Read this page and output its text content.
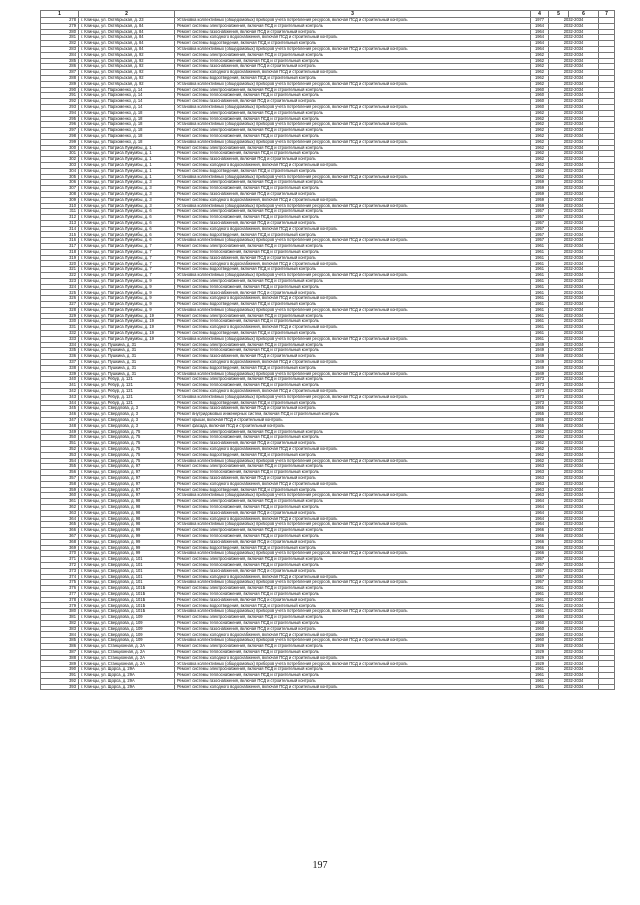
1	2	3	4	5	6	7
278	г. Клинцы, ул. Октябрьская, д. 23	Установка коллективных (общедомовых) приборов учета потребления ресурсов, включая ПСД и строительный контроль	1977	2032-2034		
279	г. Клинцы, ул. Октябрьская, д. 84	Ремонт системы электроснабжения, включая ПСД и строительный контроль	1964	2032-2034		
280	г. Клинцы, ул. Октябрьская, д. 84	Ремонт системы газоснабжения, включая ПСД и строительный контроль	1964	2032-2034		
281	г. Клинцы, ул. Октябрьская, д. 84	Ремонт системы холодного водоснабжения, включая ПСД и строительный контроль	1964	2032-2034		
282	г. Клинцы, ул. Октябрьская, д. 84	Ремонт системы водоотведения, включая ПСД и строительный контроль	1964	2032-2034		
283	г. Клинцы, ул. Октябрьская, д. 84	Установка коллективных (общедомовых) приборов учета потребления ресурсов, включая ПСД и строительный контроль	1964	2032-2034		
284	г. Клинцы, ул. Октябрьская, д. 92	Ремонт системы электроснабжения, включая ПСД и строительный контроль	1962	2032-2034		
285	г. Клинцы, ул. Октябрьская, д. 92	Ремонт системы теплоснабжения, включая ПСД и строительный контроль	1962	2032-2034		
286	г. Клинцы, ул. Октябрьская, д. 92	Ремонт системы газоснабжения, включая ПСД и строительный контроль	1962	2032-2034		
287	г. Клинцы, ул. Октябрьская, д. 92	Ремонт системы холодного водоснабжения, включая ПСД и строительный контроль	1962	2032-2034		
288	г. Клинцы, ул. Октябрьская, д. 92	Ремонт системы водоотведения, включая ПСД и строительный контроль	1962	2032-2034		
289	г. Клинцы, ул. Октябрьская, д. 92	Установка коллективных (общедомовых) приборов учета потребления ресурсов, включая ПСД и строительный контроль	1962	2032-2034		
290	г. Клинцы, ул. Пархоменко, д. 14	Ремонт системы электроснабжения, включая ПСД и строительный контроль	1960	2032-2034		
291	г. Клинцы, ул. Пархоменко, д. 14	Ремонт системы теплоснабжения, включая ПСД и строительный контроль	1960	2032-2034		
292	г. Клинцы, ул. Пархоменко, д. 14	Ремонт системы газоснабжения, включая ПСД и строительный контроль	1960	2032-2034		
293	г. Клинцы, ул. Пархоменко, д. 14	Установка коллективных (общедомовых) приборов учета потребления ресурсов, включая ПСД и строительный контроль	1960	2032-2034		
294	г. Клинцы, ул. Пархоменко, д. 18	Ремонт системы электроснабжения, включая ПСД и строительный контроль	1962	2032-2034		
295	г. Клинцы, ул. Пархоменко, д. 18	Ремонт системы теплоснабжения, включая ПСД и строительный контроль	1962	2032-2034		
296	г. Клинцы, ул. Пархоменко, д. 18	Установка коллективных (общедомовых) приборов учета потребления ресурсов, включая ПСД и строительный контроль	1962	2032-2034		
297	г. Клинцы, ул. Пархоменко, д. 18	Ремонт системы электроснабжения, включая ПСД и строительный контроль	1962	2032-2034		
298	г. Клинцы, ул. Пархоменко, д. 18	Ремонт системы теплоснабжения, включая ПСД и строительный контроль	1962	2032-2034		
299	г. Клинцы, ул. Пархоменко, д. 18	Установка коллективных (общедомовых) приборов учета потребления ресурсов, включая ПСД и строительный контроль	1962	2032-2034		
300	г. Клинцы, ул. Патриса Лумумбы, д. 1	Ремонт системы электроснабжения, включая ПСД и строительный контроль	1962	2032-2034		
301	г. Клинцы, ул. Патриса Лумумбы, д. 1	Ремонт системы теплоснабжения, включая ПСД и строительный контроль	1962	2032-2034		
302	г. Клинцы, ул. Патриса Лумумбы, д. 1	Ремонт системы газоснабжения, включая ПСД и строительный контроль	1962	2032-2034		
303	г. Клинцы, ул. Патриса Лумумбы, д. 1	Ремонт системы холодного водоснабжения, включая ПСД и строительный контроль	1962	2032-2034		
304	г. Клинцы, ул. Патриса Лумумбы, д. 1	Ремонт системы водоотведения, включая ПСД и строительный контроль	1962	2032-2034		
305	г. Клинцы, ул. Патриса Лумумбы, д. 1	Установка коллективных (общедомовых) приборов учета потребления ресурсов, включая ПСД и строительный контроль	1962	2032-2034		
306	г. Клинцы, ул. Патриса Лумумбы, д. 3	Ремонт системы электроснабжения, включая ПСД и строительный контроль	1959	2032-2034		
307	г. Клинцы, ул. Патриса Лумумбы, д. 3	Ремонт системы теплоснабжения, включая ПСД и строительный контроль	1959	2032-2034		
308	г. Клинцы, ул. Патриса Лумумбы, д. 3	Ремонт системы газоснабжения, включая ПСД и строительный контроль	1959	2032-2034		
309	г. Клинцы, ул. Патриса Лумумбы, д. 3	Ремонт системы холодного водоснабжения, включая ПСД и строительный контроль	1959	2032-2034		
310	г. Клинцы, ул. Патриса Лумумбы, д. 3	Установка коллективных (общедомовых) приборов учета потребления ресурсов, включая ПСД и строительный контроль	1959	2032-2034		
311	г. Клинцы, ул. Патриса Лумумбы, д. 6	Ремонт системы электроснабжения, включая ПСД и строительный контроль	1957	2032-2034		
312	г. Клинцы, ул. Патриса Лумумбы, д. 6	Ремонт системы теплоснабжения, включая ПСД и строительный контроль	1957	2032-2034		
313	г. Клинцы, ул. Патриса Лумумбы, д. 6	Ремонт системы газоснабжения, включая ПСД и строительный контроль	1957	2032-2034		
314	г. Клинцы, ул. Патриса Лумумбы, д. 6	Ремонт системы холодного водоснабжения, включая ПСД и строительный контроль	1957	2032-2034		
315	г. Клинцы, ул. Патриса Лумумбы, д. 6	Ремонт системы водоотведения, включая ПСД и строительный контроль	1957	2032-2034		
316	г. Клинцы, ул. Патриса Лумумбы, д. 6	Установка коллективных (общедомовых) приборов учета потребления ресурсов, включая ПСД и строительный контроль	1957	2032-2034		
317	г. Клинцы, ул. Патриса Лумумбы, д. 7	Ремонт системы электроснабжения, включая ПСД и строительный контроль	1961	2032-2034		
318	г. Клинцы, ул. Патриса Лумумбы, д. 7	Ремонт системы теплоснабжения, включая ПСД и строительный контроль	1961	2032-2034		
319	г. Клинцы, ул. Патриса Лумумбы, д. 7	Ремонт системы газоснабжения, включая ПСД и строительный контроль	1961	2032-2034		
320	г. Клинцы, ул. Патриса Лумумбы, д. 7	Ремонт системы холодного водоснабжения, включая ПСД и строительный контроль	1961	2032-2034		
321	г. Клинцы, ул. Патриса Лумумбы, д. 7	Ремонт системы водоотведения, включая ПСД и строительный контроль	1961	2032-2034		
322	г. Клинцы, ул. Патриса Лумумбы, д. 7	Установка коллективных (общедомовых) приборов учета потребления ресурсов, включая ПСД и строительный контроль	1961	2032-2034		
323	г. Клинцы, ул. Патриса Лумумбы, д. 9	Ремонт системы электроснабжения, включая ПСД и строительный контроль	1961	2032-2034		
324	г. Клинцы, ул. Патриса Лумумбы, д. 9	Ремонт системы теплоснабжения, включая ПСД и строительный контроль	1961	2032-2034		
325	г. Клинцы, ул. Патриса Лумумбы, д. 9	Ремонт системы газоснабжения, включая ПСД и строительный контроль	1961	2032-2034		
326	г. Клинцы, ул. Патриса Лумумбы, д. 9	Ремонт системы холодного водоснабжения, включая ПСД и строительный контроль	1961	2032-2034		
327	г. Клинцы, ул. Патриса Лумумбы, д. 9	Ремонт системы водоотведения, включая ПСД и строительный контроль	1961	2032-2034		
328	г. Клинцы, ул. Патриса Лумумбы, д. 9	Установка коллективных (общедомовых) приборов учета потребления ресурсов, включая ПСД и строительный контроль	1961	2032-2034		
329	г. Клинцы, ул. Патриса Лумумбы, д. 19	Ремонт системы электроснабжения, включая ПСД и строительный контроль	1961	2032-2034		
330	г. Клинцы, ул. Патриса Лумумбы, д. 19	Ремонт системы теплоснабжения, включая ПСД и строительный контроль	1961	2032-2034		
331	г. Клинцы, ул. Патриса Лумумбы, д. 19	Ремонт системы холодного водоснабжения, включая ПСД и строительный контроль	1961	2032-2034		
332	г. Клинцы, ул. Патриса Лумумбы, д. 19	Ремонт системы водоотведения, включая ПСД и строительный контроль	1961	2032-2034		
333	г. Клинцы, ул. Патриса Лумумбы, д. 19	Установка коллективных (общедомовых) приборов учета потребления ресурсов, включая ПСД и строительный контроль	1961	2032-2034		
334	г. Клинцы, ул. Пушкина, д. 31	Ремонт системы электроснабжения, включая ПСД и строительный контроль	1949	2032-2034		
335	г. Клинцы, ул. Пушкина, д. 31	Ремонт системы теплоснабжения, включая ПСД и строительный контроль	1949	2032-2034		
336	г. Клинцы, ул. Пушкина, д. 31	Ремонт системы газоснабжения, включая ПСД и строительный контроль	1949	2032-2034		
337	г. Клинцы, ул. Пушкина, д. 31	Ремонт системы холодного водоснабжения, включая ПСД и строительный контроль	1949	2032-2034		
338	г. Клинцы, ул. Пушкина, д. 31	Ремонт системы водоотведения, включая ПСД и строительный контроль	1949	2032-2034		
339	г. Клинцы, ул. Пушкина, д. 31	Установка коллективных (общедомовых) приборов учета потребления ресурсов, включая ПСД и строительный контроль	1949	2032-2034		
340	г. Клинцы, ул. Ребур, д. 121	Ремонт системы электроснабжения, включая ПСД и строительный контроль	1973	2032-2034		
341	г. Клинцы, ул. Ребур, д. 121	Ремонт системы теплоснабжения, включая ПСД и строительный контроль	1973	2032-2034		
342	г. Клинцы, ул. Ребур, д. 121	Ремонт системы холодного водоснабжения, включая ПСД и строительный контроль	1973	2032-2034		
343	г. Клинцы, ул. Ребур, д. 121	Установка коллективных (общедомовых) приборов учета потребления ресурсов, включая ПСД и строительный контроль	1973	2032-2034		
344	г. Клинцы, ул. Ребур, д. 121	Ремонт системы водоотведения, включая ПСД и строительный контроль	1973	2032-2034		
345	г. Клинцы, ул. Свердлова, д. 3	Ремонт системы газоснабжения, включая ПСД и строительный контроль	1955	2032-2034		
346	г. Клинцы, ул. Свердлова, д. 3	Ремонт внутридомовых инженерных систем, включая ПСД и строительный контроль	1955	2032-2034		
347	г. Клинцы, ул. Свердлова, д. 3	Ремонт крыши, включая ПСД и строительный контроль	1955	2032-2034		
348	г. Клинцы, ул. Свердлова, д. 3	Ремонт фасада, включая ПСД и строительный контроль	1955	2032-2034		
349	г. Клинцы, ул. Свердлова, д. 75	Ремонт системы электроснабжения, включая ПСД и строительный контроль	1962	2032-2034		
350	г. Клинцы, ул. Свердлова, д. 75	Ремонт системы теплоснабжения, включая ПСД и строительный контроль	1962	2032-2034		
351	г. Клинцы, ул. Свердлова, д. 75	Ремонт системы газоснабжения, включая ПСД и строительный контроль	1962	2032-2034		
352	г. Клинцы, ул. Свердлова, д. 75	Ремонт системы холодного водоснабжения, включая ПСД и строительный контроль	1962	2032-2034		
353	г. Клинцы, ул. Свердлова, д. 75	Ремонт системы водоотведения, включая ПСД и строительный контроль	1962	2032-2034		
354	г. Клинцы, ул. Свердлова, д. 75	Установка коллективных (общедомовых) приборов учета потребления ресурсов, включая ПСД и строительный контроль	1962	2032-2034		
355	г. Клинцы, ул. Свердлова, д. 97	Ремонт системы электроснабжения, включая ПСД и строительный контроль	1963	2032-2034		
356	г. Клинцы, ул. Свердлова, д. 97	Ремонт системы теплоснабжения, включая ПСД и строительный контроль	1963	2032-2034		
357	г. Клинцы, ул. Свердлова, д. 97	Ремонт системы газоснабжения, включая ПСД и строительный контроль	1963	2032-2034		
358	г. Клинцы, ул. Свердлова, д. 97	Ремонт системы холодного водоснабжения, включая ПСД и строительный контроль	1963	2032-2034		
359	г. Клинцы, ул. Свердлова, д. 97	Ремонт системы водоотведения, включая ПСД и строительный контроль	1963	2032-2034		
360	г. Клинцы, ул. Свердлова, д. 97	Установка коллективных (общедомовых) приборов учета потребления ресурсов, включая ПСД и строительный контроль	1963	2032-2034		
361	г. Клинцы, ул. Свердлова, д. 98	Ремонт системы электроснабжения, включая ПСД и строительный контроль	1964	2032-2034		
362	г. Клинцы, ул. Свердлова, д. 98	Ремонт системы теплоснабжения, включая ПСД и строительный контроль	1964	2032-2034		
363	г. Клинцы, ул. Свердлова, д. 98	Ремонт системы газоснабжения, включая ПСД и строительный контроль	1964	2032-2034		
364	г. Клинцы, ул. Свердлова, д. 98	Ремонт системы холодного водоснабжения, включая ПСД и строительный контроль	1964	2032-2034		
365	г. Клинцы, ул. Свердлова, д. 98	Установка коллективных (общедомовых) приборов учета потребления ресурсов, включая ПСД и строительный контроль	1964	2032-2034		
366	г. Клинцы, ул. Свердлова, д. 99	Ремонт системы электроснабжения, включая ПСД и строительный контроль	1966	2032-2034		
367	г. Клинцы, ул. Свердлова, д. 99	Ремонт системы теплоснабжения, включая ПСД и строительный контроль	1966	2032-2034		
368	г. Клинцы, ул. Свердлова, д. 99	Ремонт системы газоснабжения, включая ПСД и строительный контроль	1966	2032-2034		
369	г. Клинцы, ул. Свердлова, д. 99	Ремонт системы водоотведения, включая ПСД и строительный контроль	1966	2032-2034		
370	г. Клинцы, ул. Свердлова, д. 99	Установка коллективных (общедомовых) приборов учета потребления ресурсов, включая ПСД и строительный контроль	1966	2032-2034		
371	г. Клинцы, ул. Свердлова, д. 101	Ремонт системы электроснабжения, включая ПСД и строительный контроль	1957	2032-2034		
372	г. Клинцы, ул. Свердлова, д. 101	Ремонт системы теплоснабжения, включая ПСД и строительный контроль	1957	2032-2034		
373	г. Клинцы, ул. Свердлова, д. 101	Ремонт системы газоснабжения, включая ПСД и строительный контроль	1957	2032-2034		
374	г. Клинцы, ул. Свердлова, д. 101	Ремонт системы холодного водоснабжения, включая ПСД и строительный контроль	1957	2032-2034		
375	г. Клинцы, ул. Свердлова, д. 101	Установка коллективных (общедомовых) приборов учета потребления ресурсов, включая ПСД и строительный контроль	1957	2032-2034		
376	г. Клинцы, ул. Свердлова, д. 101Б	Ремонт системы электроснабжения, включая ПСД и строительный контроль	1961	2032-2034		
377	г. Клинцы, ул. Свердлова, д. 101Б	Ремонт системы теплоснабжения, включая ПСД и строительный контроль	1961	2032-2034		
378	г. Клинцы, ул. Свердлова, д. 101Б	Ремонт системы газоснабжения, включая ПСД и строительный контроль	1961	2032-2034		
379	г. Клинцы, ул. Свердлова, д. 101Б	Ремонт системы водоотведения, включая ПСД и строительный контроль	1961	2032-2034		
380	г. Клинцы, ул. Свердлова, д. 101Б	Установка коллективных (общедомовых) приборов учета потребления ресурсов, включая ПСД и строительный контроль	1961	2032-2034		
381	г. Клинцы, ул. Свердлова, д. 109	Ремонт системы электроснабжения, включая ПСД и строительный контроль	1960	2032-2034		
382	г. Клинцы, ул. Свердлова, д. 109	Ремонт системы теплоснабжения, включая ПСД и строительный контроль	1960	2032-2034		
383	г. Клинцы, ул. Свердлова, д. 109	Ремонт системы газоснабжения, включая ПСД и строительный контроль	1960	2032-2034		
384	г. Клинцы, ул. Свердлова, д. 109	Ремонт системы холодного водоснабжения, включая ПСД и строительный контроль	1960	2032-2034		
385	г. Клинцы, ул. Свердлова, д. 109	Установка коллективных (общедомовых) приборов учета потребления ресурсов, включая ПСД и строительный контроль	1960	2032-2034		
386	г. Клинцы, ул. Станционная, д. 2А	Ремонт системы электроснабжения, включая ПСД и строительный контроль	1929	2032-2034		
387	г. Клинцы, ул. Станционная, д. 2А	Ремонт системы теплоснабжения, включая ПСД и строительный контроль	1929	2032-2034		
388	г. Клинцы, ул. Станционная, д. 2А	Ремонт системы холодного водоснабжения, включая ПСД и строительный контроль	1929	2032-2034		
389	г. Клинцы, ул. Станционная, д. 2А	Установка коллективных (общедомовых) приборов учета потребления ресурсов, включая ПСД и строительный контроль	1929	2032-2034		
390	г. Клинцы, ул. Щорса, д. 29А	Ремонт системы электроснабжения, включая ПСД и строительный контроль	1961	2032-2034		
391	г. Клинцы, ул. Щорса, д. 29А	Ремонт системы теплоснабжения, включая ПСД и строительный контроль	1961	2032-2034		
392	г. Клинцы, ул. Щорса, д. 29А	Ремонт системы газоснабжения, включая ПСД и строительный контроль	1961	2032-2034		
393	г. Клинцы, ул. Щорса, д. 29А	Ремонт системы холодного водоснабжения, включая ПСД и строительный контроль	1961	2032-2034		
197
